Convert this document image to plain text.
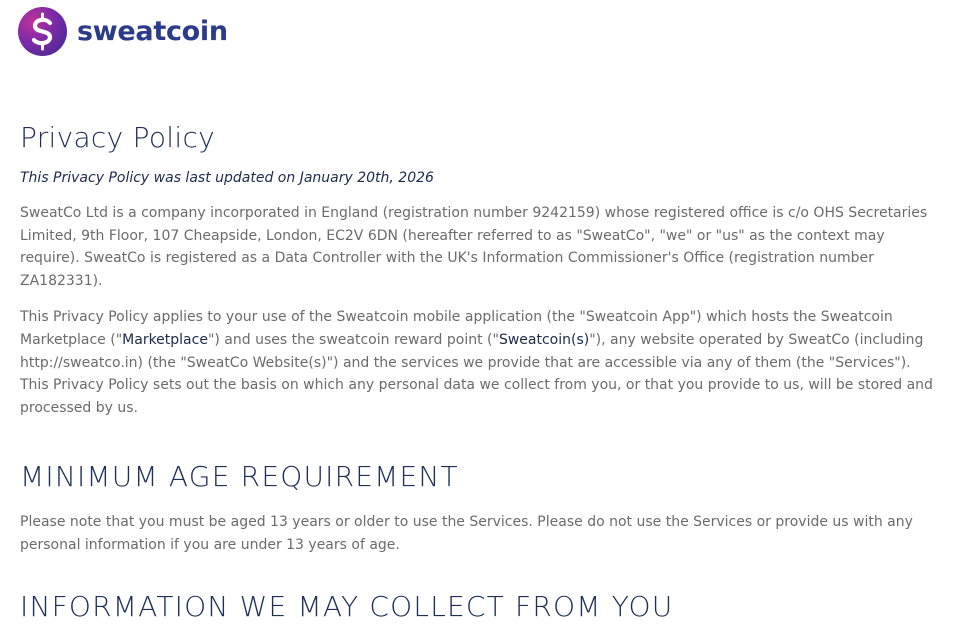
sweatcoin
Privacy Policy
This Privacy Policy was last updated on January 20th, 2026

SweatCo Ltd is a company incorporated in England (registration number 9242159) whose registered office is c/o OHS Secretaries Limited, 9th Floor, 107 Cheapside, London, EC2V 6DN (hereafter referred to as "SweatCo", "we" or "us" as the context may require). SweatCo is registered as a Data Controller with the UK's Information Commissioner's Office (registration number ZA182331).

This Privacy Policy applies to your use of the Sweatcoin mobile application (the "Sweatcoin App") which hosts the Sweatcoin Marketplace ("Marketplace") and uses the sweatcoin reward point ("Sweatcoin(s)"), any website operated by SweatCo (including http://sweatco.in) (the "SweatCo Website(s)") and the services we provide that are accessible via any of them (the "Services"). This Privacy Policy sets out the basis on which any personal data we collect from you, or that you provide to us, will be stored and processed by us.

MINIMUM AGE REQUIREMENT

Please note that you must be aged 13 years or older to use the Services. Please do not use the Services or provide us with any personal information if you are under 13 years of age.

INFORMATION WE MAY COLLECT FROM YOU
